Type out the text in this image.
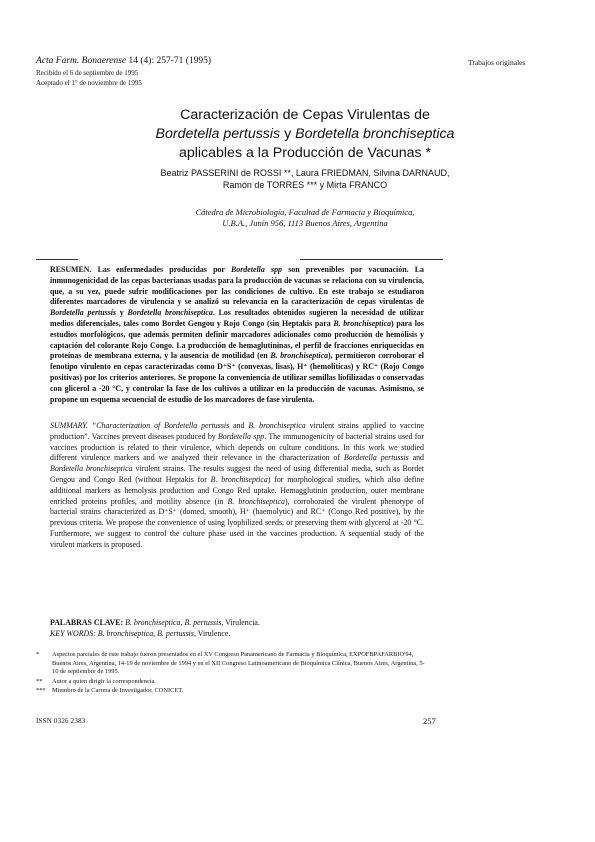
Acta Farm. Bonaerense 14 (4): 257-71 (1995)	Trabajos originales

Recibido el 6 de septiembre de 1995
Aceptado el 1° de noviembre de 1995
Caracterización de Cepas Virulentas de
Bordetella pertussis y Bordetella bronchiseptica
aplicables a la Producción de Vacunas *
Beatriz PASSERINI de ROSSI **, Laura FRIEDMAN, Silvina DARNAUD,
Ramón de TORRES *** y Mirta FRANCO
Cátedra de Microbiología, Facultad de Farmacia y Bioquímica,
U.B.A., Junín 956, 1113 Buenos Aires, Argentina

RESUMEN. Las enfermedades producidas por Bordetella spp son prevenibles por vacunación. La inmunogenicidad de las cepas bacterianas usadas para la producción de vacunas se relaciona con su virulencia, que, a su vez, puede sufrir modificaciones por las condiciones de cultivo. En este trabajo se estudiaron diferentes marcadores de virulencia y se analizó su relevancia en la caracterización de cepas virulentas de Bordetella pertussis y Bordetella bronchiseptica. Los resultados obtenidos sugieren la necesidad de utilizar medios diferenciales, tales como Bordet Gengou y Rojo Congo (sin Heptakis para B. bronchiseptica) para los estudios morfológicos, que además permiten definir marcadores adicionales como producción de hemólisis y captación del colorante Rojo Congo. La producción de hemaglutininas, el perfil de fracciones enriquecidas en proteínas de membrana externa, y la ausencia de motilidad (en B. bronchiseptica), permitieron corroborar el fenotipo virulento en cepas caracterizadas como D⁺S⁺ (convexas, lisas), H⁺ (hemolíticas) y RC⁺ (Rojo Congo positivas) por los criterios anteriores. Se propone la conveniencia de utilizar semillas liofilizadas o conservadas con glicerol a -20 °C, y controlar la fase de los cultivos a utilizar en la producción de vacunas. Asimismo, se propone un esquema secuencial de estudio de los marcadores de fase virulenta.

SUMMARY. “Characterization of Bordetella pertussis and B. bronchiseptica virulent strains applied to vaccine production”. Vaccines prevent diseases produced by Bordetella spp. The immunogenicity of bacterial strains used for vaccines production is related to their virulence, which depends on culture conditions. In this work we studied different virulence markers and we analyzed their relevance in the characterization of Bordetella pertussis and Bordetella bronchiseptica virulent strains. The results suggest the need of using differential media, such as Bordet Gengou and Congo Red (without Heptakis for B. bronchiseptica) for morphological studies, which also define additional markers as hemolysis production and Congo Red uptake. Hemagglutinin production, outer membrane enriched proteins profiles, and motility absence (in B. bronchiseptica), corroborated the virulent phenotype of bacterial strains characterized as D⁺S⁺ (domed, smooth), H⁺ (haemolytic) and RC⁺ (Congo Red positive), by the previous criteria. We propose the convenience of using lyophilized seeds, or preserving them with glycerol at -20 °C. Furthermore, we suggest to control the culture phase used in the vaccines production. A sequential study of the virulent markers is proposed.

PALABRAS CLAVE: B. bronchiseptica, B. pertussis, Virulencia.
KEY WORDS: B. bronchiseptica, B. pertussis, Virulence.
*	Aspectos parciales de este trabajo fueron presentados en el XV Congreso Panamericano de Farmacia y Bioquímica, EXPOFBPAFARBIO'94, Buenos Aires, Argentina, 14-19 de noviembre de 1994 y en el XII Congreso Latinoamericano de Bioquímica Clínica, Buenos Aires, Argentina, 5-10 de septiembre de 1995.
**	Autor a quien dirigir la correspondencia.
***	Miembro de la Carrera de Investigador, CONICET.

ISSN 0326 2383	257
